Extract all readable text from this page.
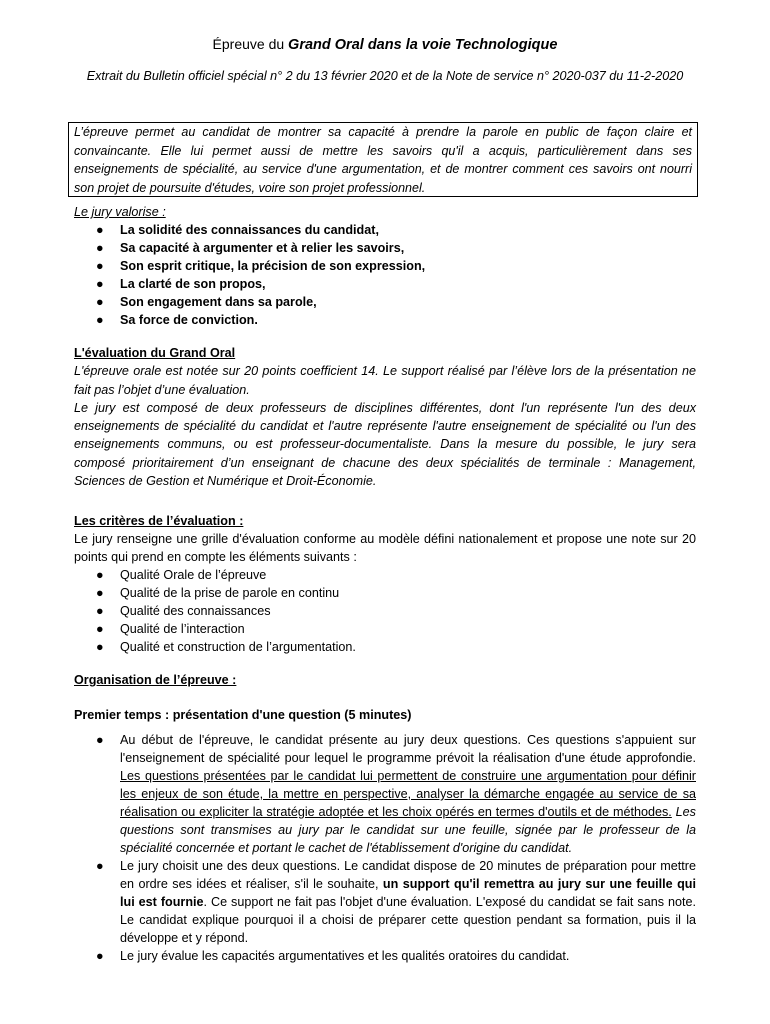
Épreuve du Grand Oral dans la voie Technologique
Extrait du Bulletin officiel spécial n° 2 du 13 février 2020 et de la Note de service n° 2020-037 du 11-2-2020
L’épreuve permet au candidat de montrer sa capacité à prendre la parole en public de façon claire et convaincante. Elle lui permet aussi de mettre les savoirs qu'il a acquis, particulièrement dans ses enseignements de spécialité, au service d'une argumentation, et de montrer comment ces savoirs ont nourri son projet de poursuite d'études, voire son projet professionnel.
Le jury valorise :
● La solidité des connaissances du candidat,
● Sa capacité à argumenter et à relier les savoirs,
● Son esprit critique, la précision de son expression,
● La clarté de son propos,
● Son engagement dans sa parole,
● Sa force de conviction.
L'évaluation du Grand Oral
L'épreuve orale est notée sur 20 points coefficient 14. Le support réalisé par l’élève lors de la présentation ne fait pas l’objet d’une évaluation.
Le jury est composé de deux professeurs de disciplines différentes, dont l'un représente l'un des deux enseignements de spécialité du candidat et l'autre représente l'autre enseignement de spécialité ou l'un des enseignements communs, ou est professeur-documentaliste. Dans la mesure du possible, le jury sera composé prioritairement d’un enseignant de chacune des deux spécialités de terminale : Management, Sciences de Gestion et Numérique et Droit-Économie.
Les critères de l’évaluation :
Le jury renseigne une grille d'évaluation conforme au modèle défini nationalement et propose une note sur 20 points qui prend en compte les éléments suivants :
● Qualité Orale de l’épreuve
● Qualité de la prise de parole en continu
● Qualité des connaissances
● Qualité de l’interaction
● Qualité et construction de l’argumentation.
Organisation de l’épreuve :
Premier temps : présentation d'une question (5 minutes)
● Au début de l'épreuve, le candidat présente au jury deux questions. Ces questions s'appuient sur l'enseignement de spécialité pour lequel le programme prévoit la réalisation d'une étude approfondie. Les questions présentées par le candidat lui permettent de construire une argumentation pour définir les enjeux de son étude, la mettre en perspective, analyser la démarche engagée au service de sa réalisation ou expliciter la stratégie adoptée et les choix opérés en termes d'outils et de méthodes. Les questions sont transmises au jury par le candidat sur une feuille, signée par le professeur de la spécialité concernée et portant le cachet de l'établissement d'origine du candidat.
● Le jury choisit une des deux questions. Le candidat dispose de 20 minutes de préparation pour mettre en ordre ses idées et réaliser, s'il le souhaite, un support qu'il remettra au jury sur une feuille qui lui est fournie. Ce support ne fait pas l'objet d'une évaluation. L'exposé du candidat se fait sans note. Le candidat explique pourquoi il a choisi de préparer cette question pendant sa formation, puis il la développe et y répond.
● Le jury évalue les capacités argumentatives et les qualités oratoires du candidat.
